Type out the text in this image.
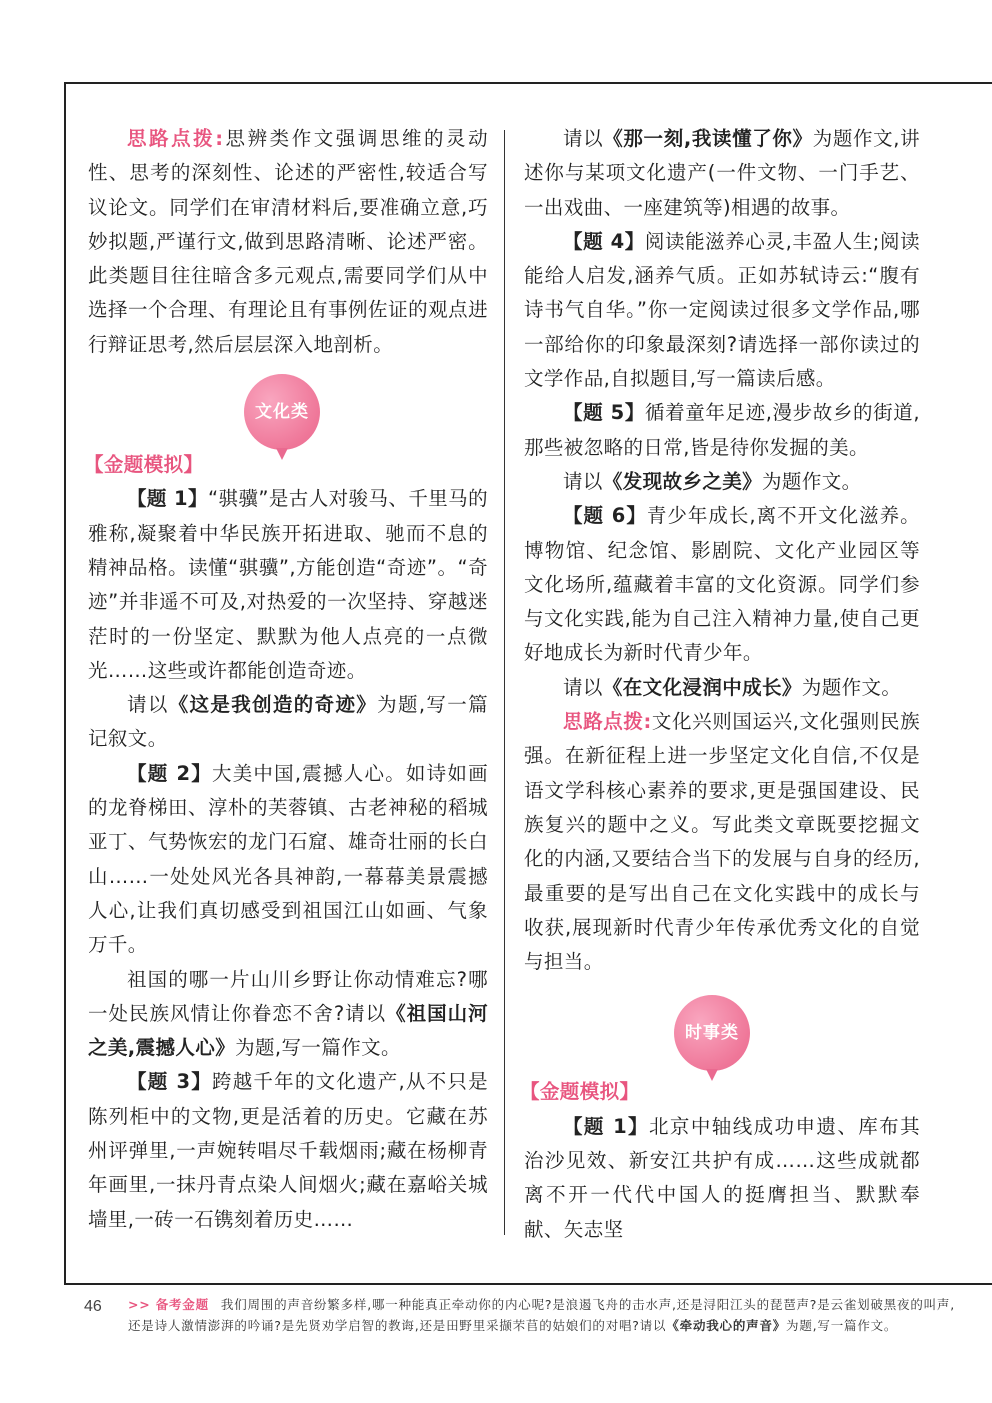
思路点拨:思辨类作文强调思维的灵动性、思考的深刻性、论述的严密性,较适合写议论文。同学们在审清材料后,要准确立意,巧妙拟题,严谨行文,做到思路清晰、论述严密。此类题目往往暗含多元观点,需要同学们从中选择一个合理、有理论且有事例佐证的观点进行辩证思考,然后层层深入地剖析。

文化类

【金题模拟】

【题 1】“骐骥”是古人对骏马、千里马的雅称,凝聚着中华民族开拓进取、驰而不息的精神品格。读懂“骐骥”,方能创造“奇迹”。“奇迹”并非遥不可及,对热爱的一次坚持、穿越迷茫时的一份坚定、默默为他人点亮的一点微光……这些或许都能创造奇迹。

请以《这是我创造的奇迹》为题,写一篇记叙文。

【题 2】大美中国,震撼人心。如诗如画的龙脊梯田、淳朴的芙蓉镇、古老神秘的稻城亚丁、气势恢宏的龙门石窟、雄奇壮丽的长白山……一处处风光各具神韵,一幕幕美景震撼人心,让我们真切感受到祖国江山如画、气象万千。

祖国的哪一片山川乡野让你动情难忘?哪一处民族风情让你眷恋不舍?请以《祖国山河之美,震撼人心》为题,写一篇作文。

【题 3】跨越千年的文化遗产,从不只是陈列柜中的文物,更是活着的历史。它藏在苏州评弹里,一声婉转唱尽千载烟雨;藏在杨柳青年画里,一抹丹青点染人间烟火;藏在嘉峪关城墙里,一砖一石镌刻着历史……

请以《那一刻,我读懂了你》为题作文,讲述你与某项文化遗产(一件文物、一门手艺、一出戏曲、一座建筑等)相遇的故事。

【题 4】阅读能滋养心灵,丰盈人生;阅读能给人启发,涵养气质。正如苏轼诗云:“腹有诗书气自华。”你一定阅读过很多文学作品,哪一部给你的印象最深刻?请选择一部你读过的文学作品,自拟题目,写一篇读后感。

【题 5】循着童年足迹,漫步故乡的街道,那些被忽略的日常,皆是待你发掘的美。

请以《发现故乡之美》为题作文。

【题 6】青少年成长,离不开文化滋养。博物馆、纪念馆、影剧院、文化产业园区等文化场所,蕴藏着丰富的文化资源。同学们参与文化实践,能为自己注入精神力量,使自己更好地成长为新时代青少年。

请以《在文化浸润中成长》为题作文。

思路点拨:文化兴则国运兴,文化强则民族强。在新征程上进一步坚定文化自信,不仅是语文学科核心素养的要求,更是强国建设、民族复兴的题中之义。写此类文章既要挖掘文化的内涵,又要结合当下的发展与自身的经历,最重要的是写出自己在文化实践中的成长与收获,展现新时代青少年传承优秀文化的自觉与担当。

时事类

【金题模拟】

【题 1】北京中轴线成功申遗、库布其治沙见效、新安江共护有成……这些成就都离不开一代代中国人的挺膺担当、默默奉献、矢志坚

46 >> 备考金题 我们周围的声音纷繁多样,哪一种能真正牵动你的内心呢?是浪遏飞舟的击水声,还是浔阳江头的琵琶声?是云雀划破黑夜的叫声,还是诗人激情澎湃的吟诵?是先贤劝学启智的教诲,还是田野里采撷芣苢的姑娘们的对唱?请以《牵动我心的声音》为题,写一篇作文。
